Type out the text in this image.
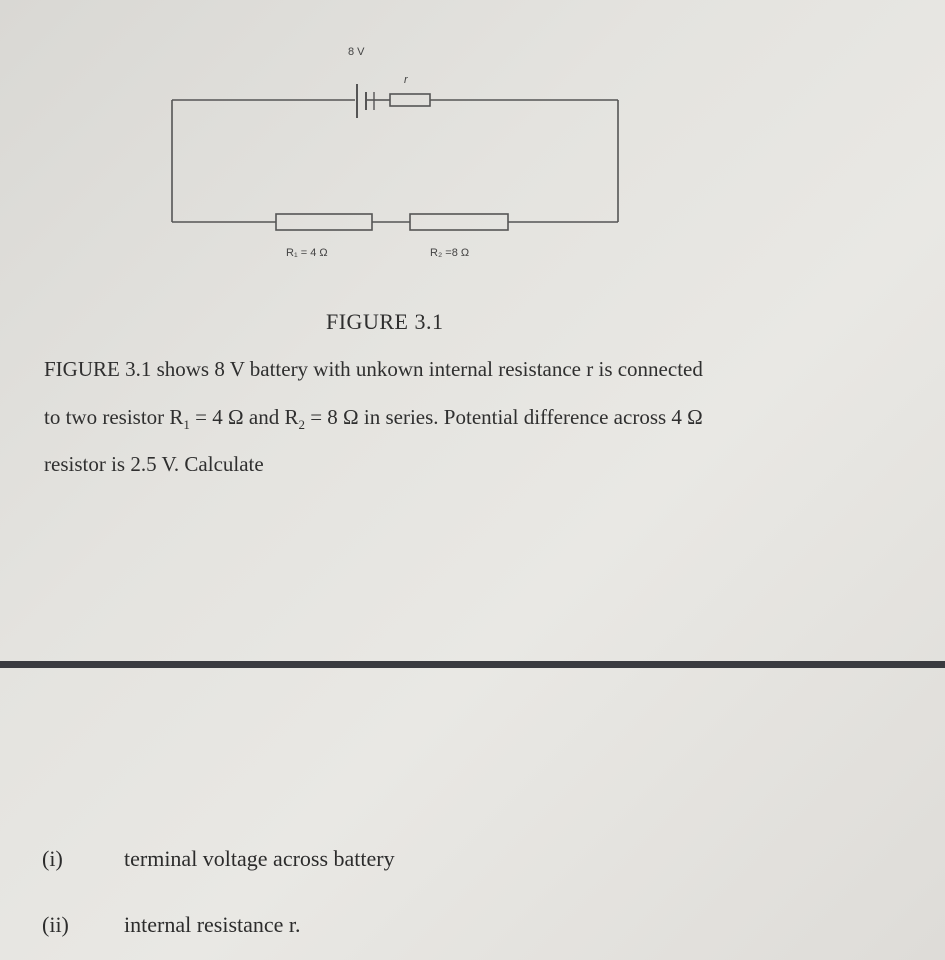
8 V
r
R₁ = 4 Ω	R₂ =8 Ω
FIGURE 3.1
FIGURE 3.1 shows 8 V battery with unkown internal resistance r is connected
to two resistor $R_1 = 4$ Ω and $R_2 = 8$ Ω in series. Potential difference across 4 Ω
resistor is 2.5 V. Calculate
(i)	terminal voltage across battery
(ii)	internal resistance r.
